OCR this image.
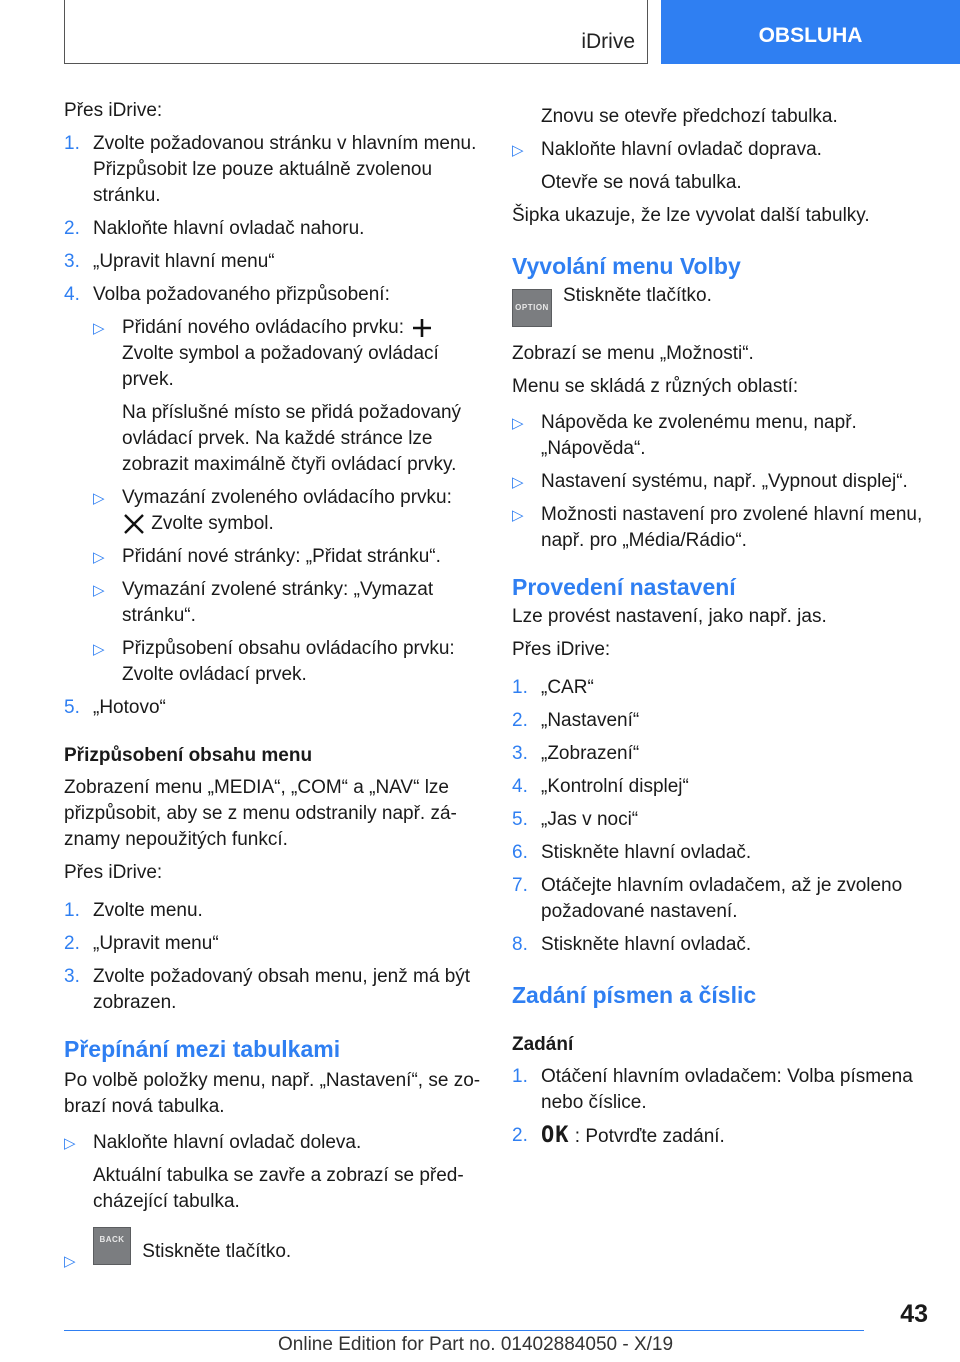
iDrive	OBSLUHA

Přes iDrive:

1. Zvolte požadovanou stránku v hlavním menu. Přizpůsobit lze pouze aktuálně zvolenou stránku.
2. Nakloňte hlavní ovladač nahoru.
3. „Upravit hlavní menu“
4. Volba požadovaného přizpůsobení:
▷ Přidání nového ovládacího prvku:
Zvolte symbol a požadovaný ovládací prvek.
Na příslušné místo se přidá požadovaný ovládací prvek. Na každé stránce lze zobrazit maximálně čtyři ovládací prvky.
▷ Vymazání zvoleného ovládacího prvku:
Zvolte symbol.
▷ Přidání nové stránky: „Přidat stránku“.
▷ Vymazání zvolené stránky: „Vymazat stránku“.
▷ Přizpůsobení obsahu ovládacího prvku: Zvolte ovládací prvek.
5. „Hotovo“
Přizpůsobení obsahu menu

Zobrazení menu „MEDIA“, „COM“ a „NAV“ lze přizpůsobit, aby se z menu odstranily např. zá-znamy nepoužitých funkcí.

Přes iDrive:

1. Zvolte menu.
2. „Upravit menu“
3. Zvolte požadovaný obsah menu, jenž má být zobrazen.
Přepínání mezi tabulkami

Po volbě položky menu, např. „Nastavení“, se zo-brazí nová tabulka.

▷ Nakloňte hlavní ovladač doleva.
Aktuální tabulka se zavře a zobrazí se před-cházející tabulka.
▷
BACK Stiskněte tlačítko.
Znovu se otevře předchozí tabulka.
▷ Nakloňte hlavní ovladač doprava.
Otevře se nová tabulka.

Šipka ukazuje, že lze vyvolat další tabulky.

Vyvolání menu Volby
OPTION
Stiskněte tlačítko.

Zobrazí se menu „Možnosti“.

Menu se skládá z různých oblastí:

▷ Nápověda ke zvolenému menu, např. „Nápověda“.
▷ Nastavení systému, např. „Vypnout displej“.
▷ Možnosti nastavení pro zvolené hlavní menu, např. pro „Média/Rádio“.
Provedení nastavení

Lze provést nastavení, jako např. jas.

Přes iDrive:

1. „CAR“
2. „Nastavení“
3. „Zobrazení“
4. „Kontrolní displej“
5. „Jas v noci“
6. Stiskněte hlavní ovladač.
7. Otáčejte hlavním ovladačem, až je zvoleno požadované nastavení.
8. Stiskněte hlavní ovladač.
Zadání písmen a číslic
Zadání
1. Otáčení hlavním ovladačem: Volba písmena nebo číslice.
2. OK : Potvrďte zadání.
43
Online Edition for Part no. 01402884050 - X/19
